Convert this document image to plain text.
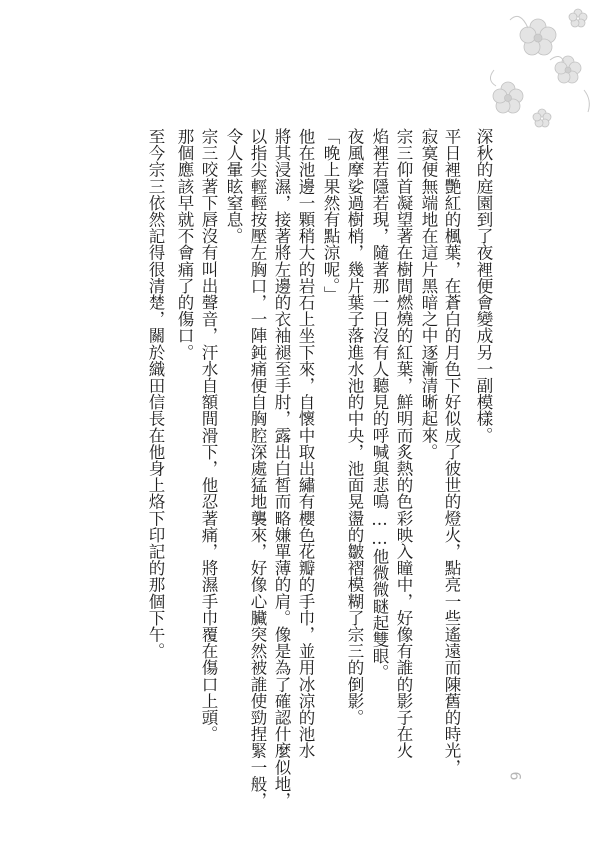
深秋的庭園到了夜裡便會變成另一副模樣。
平日裡艷紅的楓葉，在蒼白的月色下好似成了彼世的燈火，點亮一些遙遠而陳舊的時光，
寂寞便無端地在這片黑暗之中逐漸清晰起來。
宗三仰首凝望著在樹間燃燒的紅葉，鮮明而炙熱的色彩映入瞳中，好像有誰的影子在火
焰裡若隱若現，隨著那一日沒有人聽見的呼喊與悲鳴……他微微瞇起雙眼。
夜風摩娑過樹梢，幾片葉子落進水池的中央，池面晃盪的皺褶模糊了宗三的倒影。
「晚上果然有點涼呢。」
他在池邊一顆稍大的岩石上坐下來，自懷中取出繡有櫻色花瓣的手巾，並用冰涼的池水
將其浸濕，接著將左邊的衣袖褪至手肘，露出白皙而略嫌單薄的肩。像是為了確認什麼似地，
以指尖輕輕按壓左胸口，一陣鈍痛便自胸腔深處猛地襲來，好像心臟突然被誰使勁捏緊一般，
令人暈眩窒息。
宗三咬著下唇沒有叫出聲音，汗水自額間滑下，他忍著痛，將濕手巾覆在傷口上頭。
那個應該早就不會痛了的傷口。
至今宗三依然記得很清楚，關於織田信長在他身上烙下印記的那個下午。
6
